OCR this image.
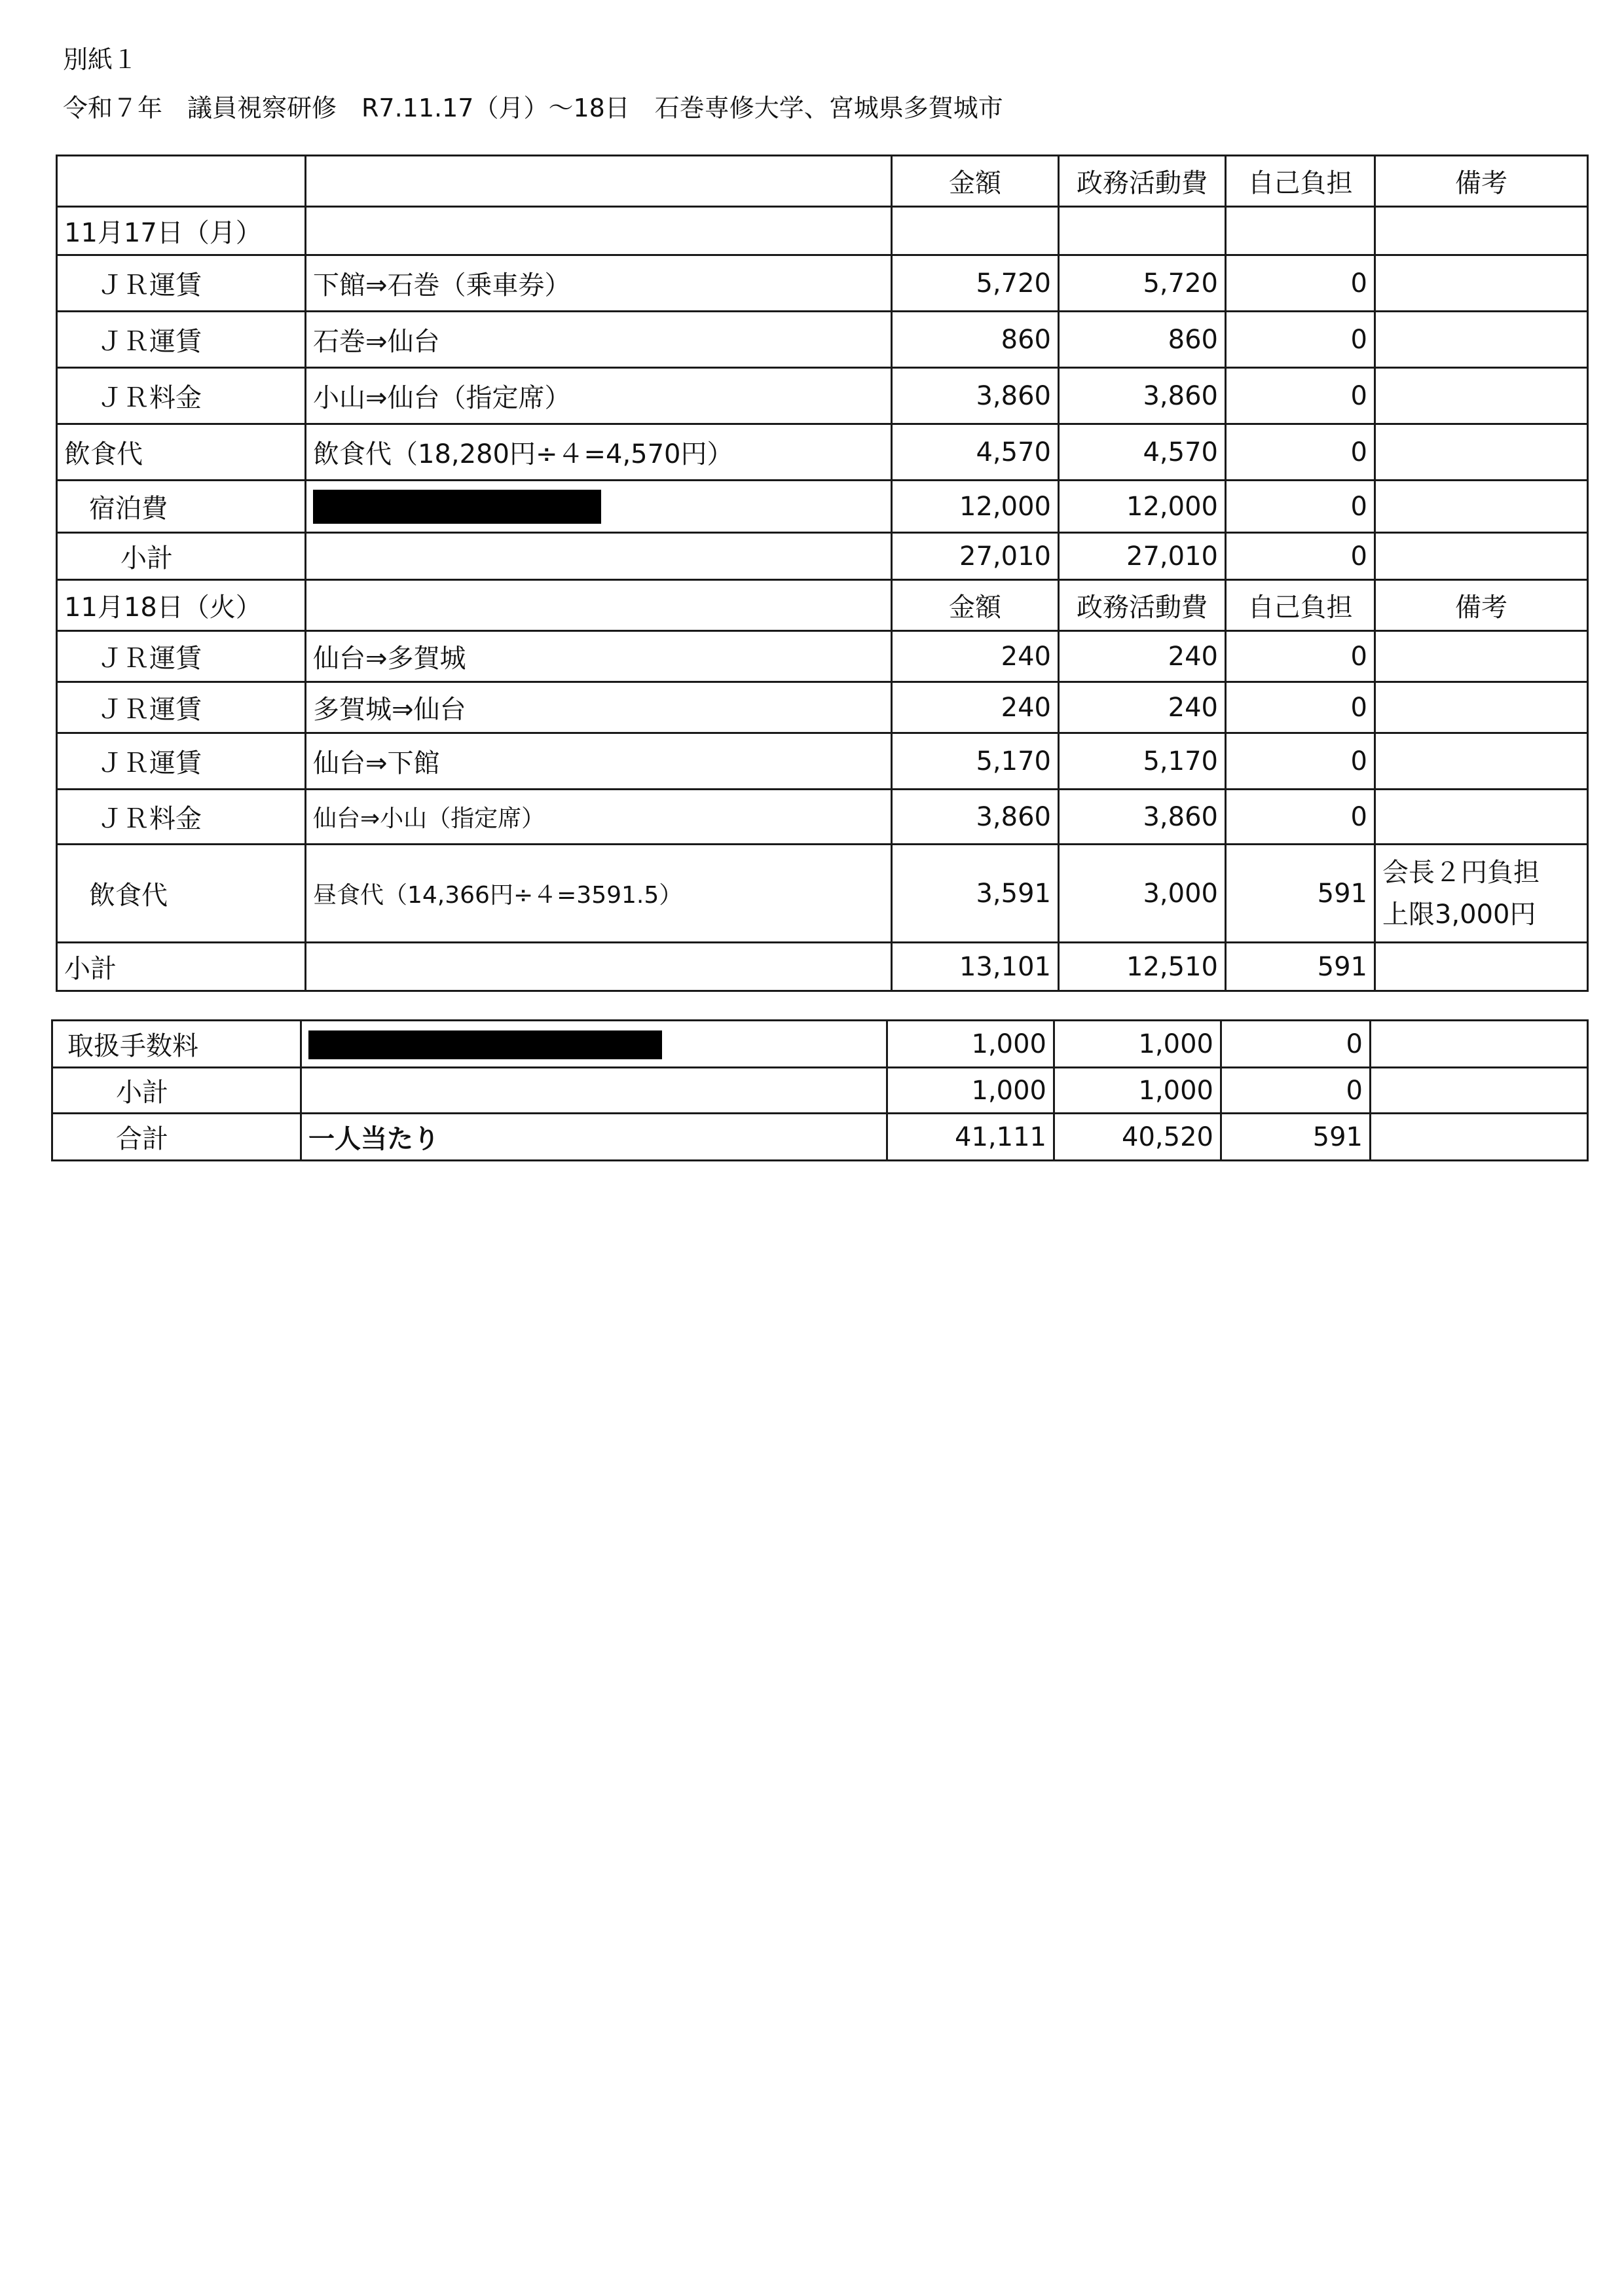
別紙１
令和７年　議員視察研修　R7.11.17（月）～18日　石巻専修大学、宮城県多賀城市
		金額	政務活動費	自己負担	備考
11月17日（月）					
ＪＲ運賃	下館⇒石巻（乗車券）	5,720	5,720	0	
ＪＲ運賃	石巻⇒仙台	860	860	0	
ＪＲ料金	小山⇒仙台（指定席）	3,860	3,860	0	
飲食代	飲食代（18,280円÷４=4,570円）	4,570	4,570	0	
宿泊費		12,000	12,000	0	
小計		27,010	27,010	0	
11月18日（火）		金額	政務活動費	自己負担	備考
ＪＲ運賃	仙台⇒多賀城	240	240	0	
ＪＲ運賃	多賀城⇒仙台	240	240	0	
ＪＲ運賃	仙台⇒下館	5,170	5,170	0	
ＪＲ料金	仙台⇒小山（指定席）	3,860	3,860	0	
飲食代	昼食代（14,366円÷４=3591.5）	3,591	3,000	591	会長２円負担
上限3,000円

小計		13,101	12,510	591	
取扱手数料		1,000	1,000	0	
小計		1,000	1,000	0	
合計	一人当たり	41,111	40,520	591	
